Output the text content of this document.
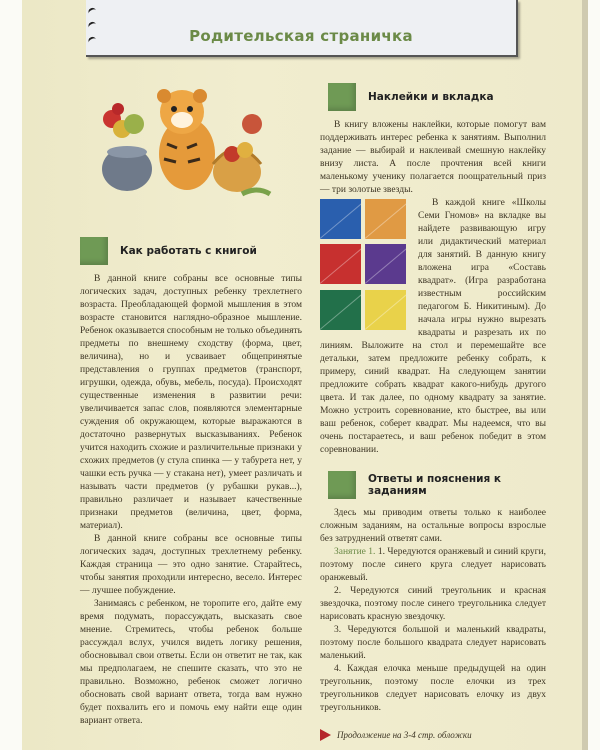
Родительская страничка
Как работать с книгой

В данной книге собраны все основные типы логических задач, доступных ребенку трехлетнего возраста. Преобладающей формой мышления в этом возрасте становится наглядно-образное мышление. Ребенок оказывается способным не только объединять предметы по внешнему сходству (форма, цвет, величина), но и усваивает общепринятые представления о группах предметов (транспорт, игрушки, одежда, обувь, мебель, посуда). Происходят существенные изменения в развитии речи: увеличивается запас слов, появляются элементарные суждения об окружающем, которые выражаются в достаточно развернутых высказываниях. Ребенок учится находить схожие и различительные признаки у схожих предметов (у стула спинка — у табурета нет, у чашки есть ручка — у стакана нет), умеет различать и называть части предметов (у рубашки рукав...), правильно различает и называет качественные признаки предметов (величина, цвет, форма, материал).

В данной книге собраны все основные типы логических задач, доступных трехлетнему ребенку. Каждая страница — это одно занятие. Старайтесь, чтобы занятия проходили интересно, весело. Интерес — лучшее побуждение.

Занимаясь с ребенком, не торопите его, дайте ему время подумать, порассуждать, высказать свое мнение. Стремитесь, чтобы ребенок больше рассуждал вслух, учился видеть логику решения, обосновывал свои ответы. Если он ответит не так, как мы предполагаем, не спешите сказать, что это не правильно. Возможно, ребенок сможет логично обосновать свой вариант ответа, тогда вам нужно будет похвалить его и помочь ему найти еще один вариант ответа.

Наклейки и вкладка

В книгу вложены наклейки, которые помогут вам поддерживать интерес ребенка к занятиям. Выполнил задание — выбирай и наклеивай смешную наклейку внизу листа. А после прочтения всей книги маленькому ученику полагается поощрательный приз — три золотые звезды.

В каждой книге «Школы Семи Гномов» на вкладке вы найдете развивающую игру или дидактический материал для занятий. В данную книгу вложена игра «Составь квадрат». (Игра разработана известным российским педагогом Б. Никитиным). До начала игры нужно вырезать квадраты и разрезать их по линиям. Выложите на стол и перемешайте все детальки, затем предложите ребенку собрать, к примеру, синий квадрат. На следующем занятии предложите собрать квадрат какого-нибудь другого цвета. И так далее, по одному квадрату за занятие. Можно устроить соревнование, кто быстрее, вы или ваш ребенок, соберет квадрат. Мы надеемся, что вы очень постараетесь, и ваш ребенок победит в этом соревновании.

Ответы и пояснения к заданиям

Здесь мы приводим ответы только к наиболее сложным заданиям, на остальные вопросы взрослые без затруднений ответят сами.

Занятие 1. 1. Чередуются оранжевый и синий круги, поэтому после синего круга следует нарисовать оранжевый.

2. Чередуются синий треугольник и красная звездочка, поэтому после синего треугольника следует нарисовать красную звездочку.

3. Чередуются большой и маленький квадраты, поэтому после большого квадрата следует нарисовать маленький.

4. Каждая елочка меньше предыдущей на один треугольник, поэтому после елочки из трех треугольников следует нарисовать елочку из двух треугольников.

Продолжение на 3-4 стр. обложки
